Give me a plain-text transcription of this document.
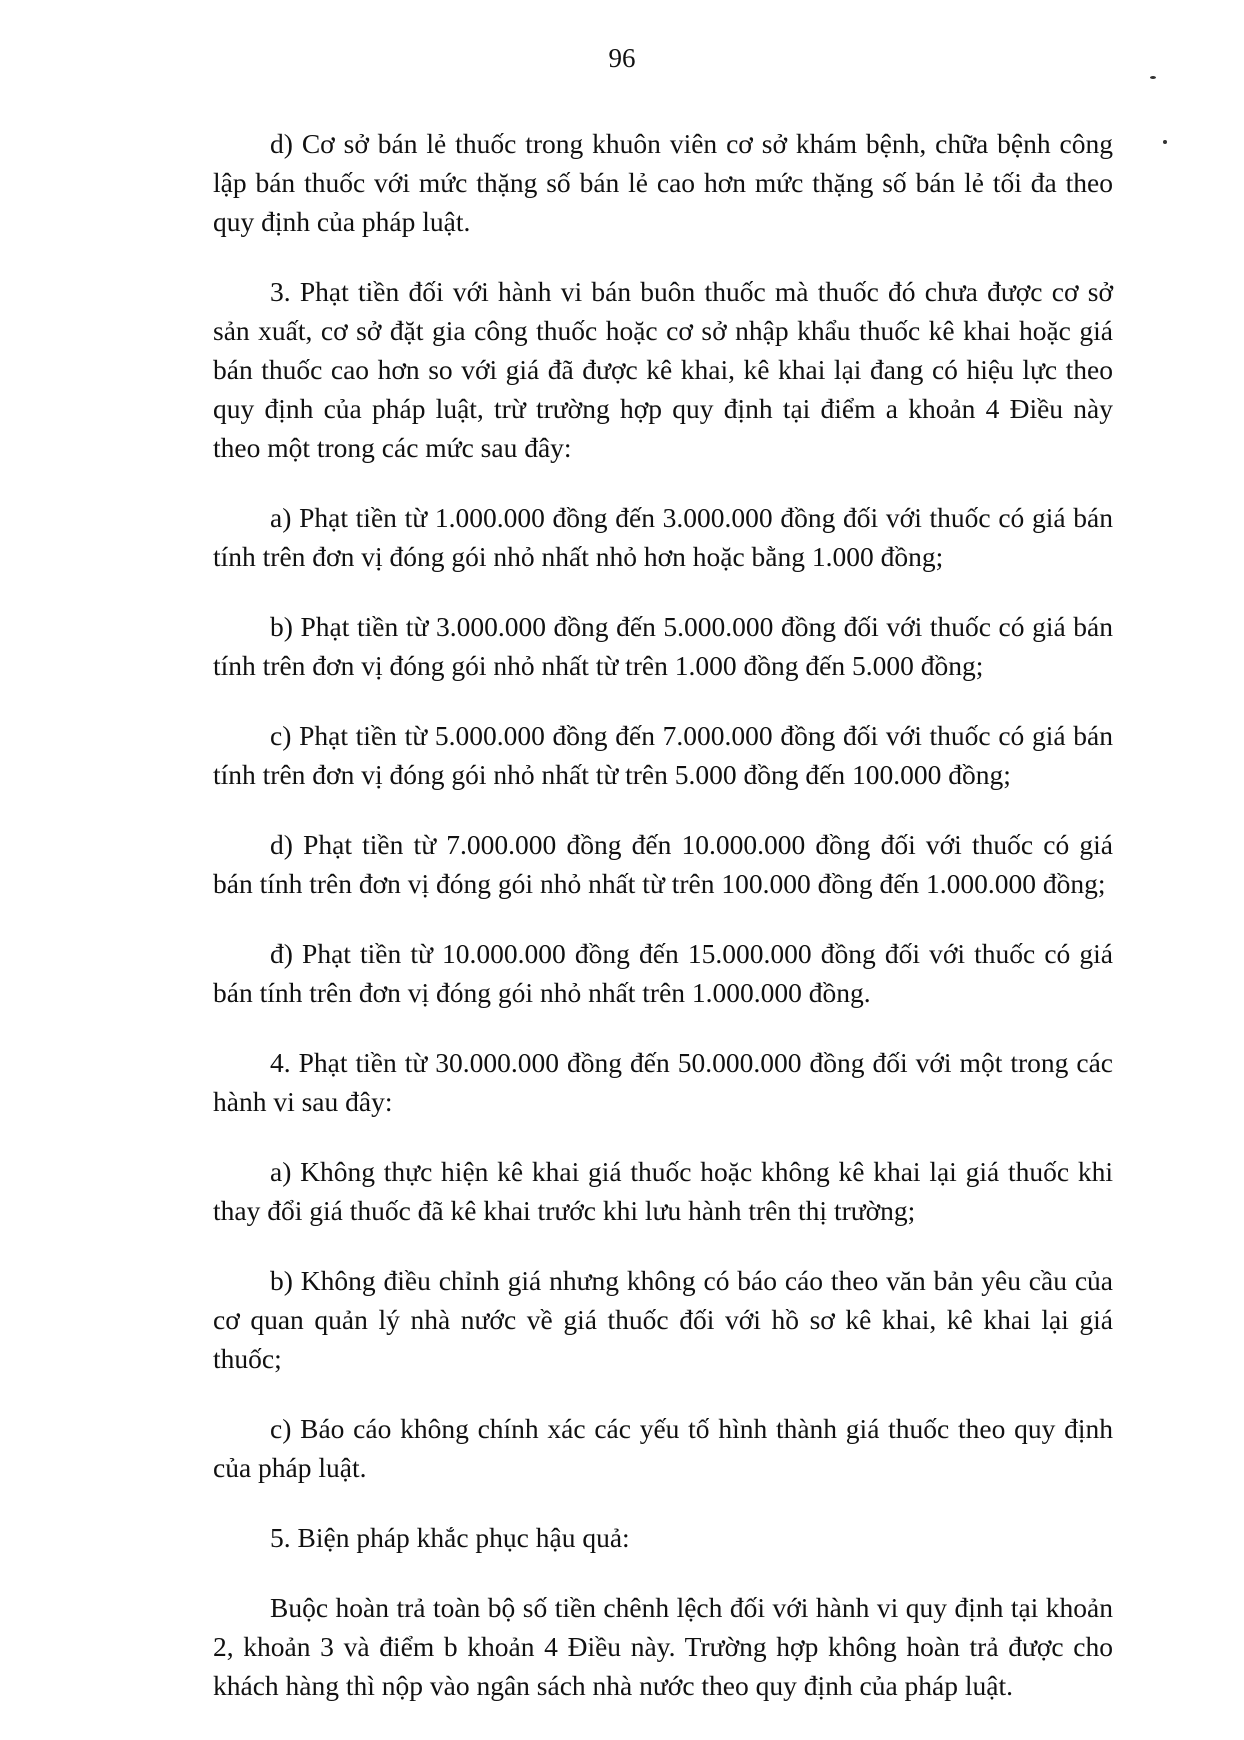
96

d) Cơ sở bán lẻ thuốc trong khuôn viên cơ sở khám bệnh, chữa bệnh công lập bán thuốc với mức thặng số bán lẻ cao hơn mức thặng số bán lẻ tối đa theo quy định của pháp luật.

3. Phạt tiền đối với hành vi bán buôn thuốc mà thuốc đó chưa được cơ sở sản xuất, cơ sở đặt gia công thuốc hoặc cơ sở nhập khẩu thuốc kê khai hoặc giá bán thuốc cao hơn so với giá đã được kê khai, kê khai lại đang có hiệu lực theo quy định của pháp luật, trừ trường hợp quy định tại điểm a khoản 4 Điều này theo một trong các mức sau đây:

a) Phạt tiền từ 1.000.000 đồng đến 3.000.000 đồng đối với thuốc có giá bán tính trên đơn vị đóng gói nhỏ nhất nhỏ hơn hoặc bằng 1.000 đồng;

b) Phạt tiền từ 3.000.000 đồng đến 5.000.000 đồng đối với thuốc có giá bán tính trên đơn vị đóng gói nhỏ nhất từ trên 1.000 đồng đến 5.000 đồng;

c) Phạt tiền từ 5.000.000 đồng đến 7.000.000 đồng đối với thuốc có giá bán tính trên đơn vị đóng gói nhỏ nhất từ trên 5.000 đồng đến 100.000 đồng;

d) Phạt tiền từ 7.000.000 đồng đến 10.000.000 đồng đối với thuốc có giá bán tính trên đơn vị đóng gói nhỏ nhất từ trên 100.000 đồng đến 1.000.000 đồng;

đ) Phạt tiền từ 10.000.000 đồng đến 15.000.000 đồng đối với thuốc có giá bán tính trên đơn vị đóng gói nhỏ nhất trên 1.000.000 đồng.

4. Phạt tiền từ 30.000.000 đồng đến 50.000.000 đồng đối với một trong các hành vi sau đây:

a) Không thực hiện kê khai giá thuốc hoặc không kê khai lại giá thuốc khi thay đổi giá thuốc đã kê khai trước khi lưu hành trên thị trường;

b) Không điều chỉnh giá nhưng không có báo cáo theo văn bản yêu cầu của cơ quan quản lý nhà nước về giá thuốc đối với hồ sơ kê khai, kê khai lại giá thuốc;

c) Báo cáo không chính xác các yếu tố hình thành giá thuốc theo quy định của pháp luật.

5. Biện pháp khắc phục hậu quả:

Buộc hoàn trả toàn bộ số tiền chênh lệch đối với hành vi quy định tại khoản 2, khoản 3 và điểm b khoản 4 Điều này. Trường hợp không hoàn trả được cho khách hàng thì nộp vào ngân sách nhà nước theo quy định của pháp luật.
